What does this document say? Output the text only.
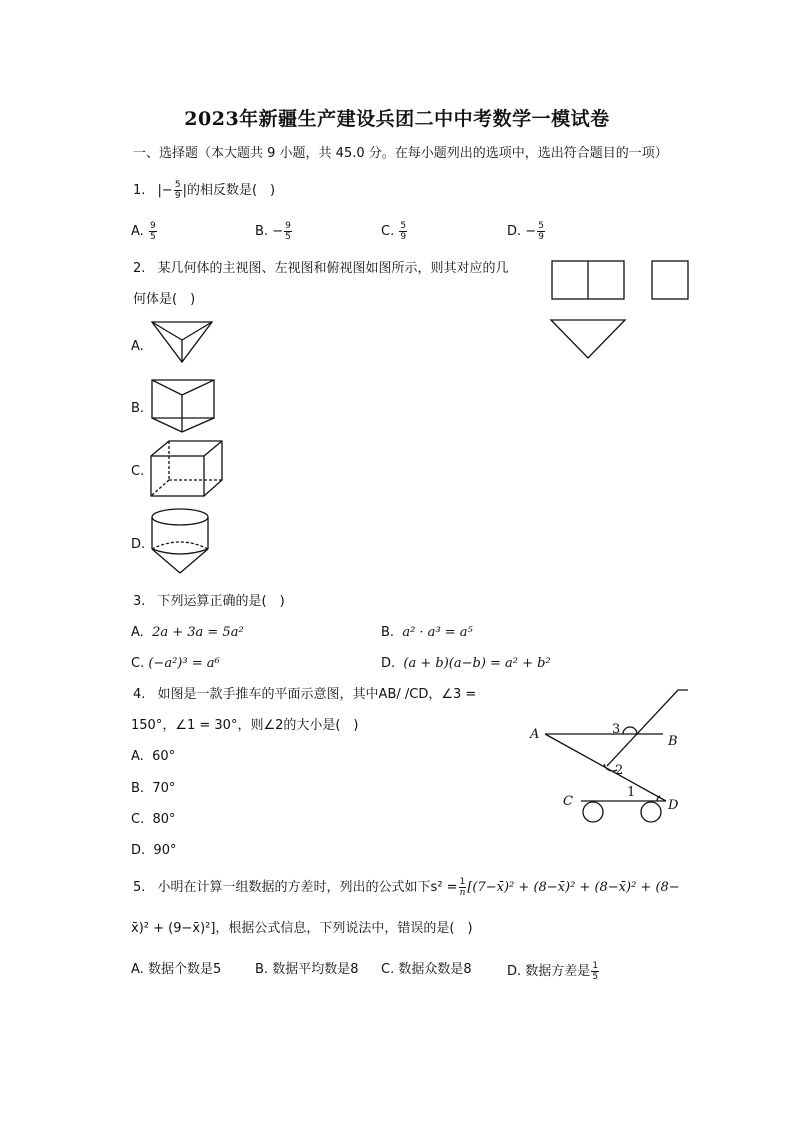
2023年新疆生产建设兵团二中中考数学一模试卷
一、选择题（本大题共 9 小题，共 45.0 分。在每小题列出的选项中，选出符合题目的一项）
1. |− $\frac{5}{9}$ |的相反数是(　)
A. $\frac{9}{5}$	B. − $\frac{9}{5}$	C. $\frac{5}{9}$	D. − $\frac{5}{9}$
2. 某几何体的主视图、左视图和俯视图如图所示，则其对应的几
何体是(　)
A.
B.
C.
D.
3. 下列运算正确的是(　)
A. 2a + 3a = 5a²	B. a² · a³ = a⁵
C. (−a²)³ = a⁶	D. (a + b)(a−b) = a² + b²
4. 如图是一款手推车的平面示意图，其中AB/ /CD，∠3 =
150°，∠1 = 30°，则∠2的大小是(　)
A. 60°
B. 70°
C. 80°
D. 90°
A	B
C	D
3
2
1
5. 小明在计算一组数据的方差时，列出的公式如下$s^2 = \frac{1}{n}$ [(7−x̄)² + (8−x̄)² + (8−x̄)² + (8−
x̄)² + (9−x̄)²]，根据公式信息，下列说法中，错误的是(　)
A. 数据个数是5	B. 数据平均数是8 C. 数据众数是8	D. 数据方差是 $\frac{1}{5}$
